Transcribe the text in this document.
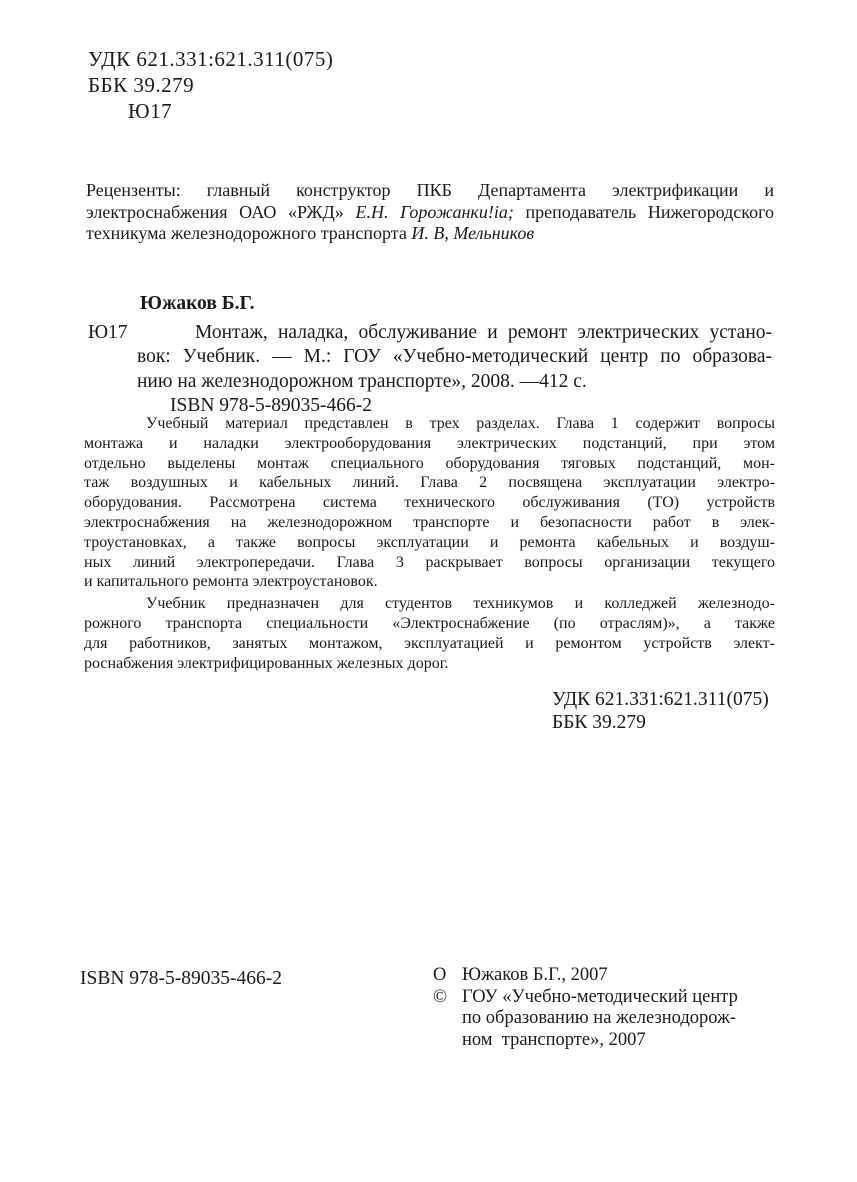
УДК 621.331:621.311(075)
ББК 39.279
Ю17
Рецензенты: главный конструктор ПКБ Департамента электрификации и
электроснабжения ОАО «РЖД» Е.Н. Горожанки!iа; преподаватель Нижегородского
техникума железнодорожного транспорта И. В, Мельников
Южаков Б.Г.
Ю17	Монтаж, наладка, обслуживание и ремонт электрических устано-
вок: Учебник. — М.: ГОУ «Учебно-методический центр по образова-
нию на железнодорожном транспорте», 2008. —412 с.
ISBN 978-5-89035-466-2
Учебный материал представлен в трех разделах. Глава 1 содержит вопросы
монтажа и наладки электрооборудования электрических подстанций, при этом
отдельно выделены монтаж специального оборудования тяговых подстанций, мон-
таж воздушных и кабельных линий. Глава 2 посвящена эксплуатации электро-
оборудования. Рассмотрена система технического обслуживания (ТО) устройств
электроснабжения на железнодорожном транспорте и безопасности работ в элек-
троустановках, а также вопросы эксплуатации и ремонта кабельных и воздуш-
ных линий электропередачи. Глава 3 раскрывает вопросы организации текущего
и капитального ремонта электроустановок.
Учебник предназначен для студентов техникумов и колледжей железнодо-
рожного транспорта специальности «Электроснабжение (по отраслям)», а также
для работников, занятых монтажом, эксплуатацией и ремонтом устройств элект-
роснабжения электрифицированных железных дорог.
УДК 621.331:621.311(075)
ББК 39.279
ISBN 978-5-89035-466-2	О Южаков Б.Г., 2007
© ГОУ «Учебно-методический центр
по образованию на железнодорож-
ном  транспорте», 2007
